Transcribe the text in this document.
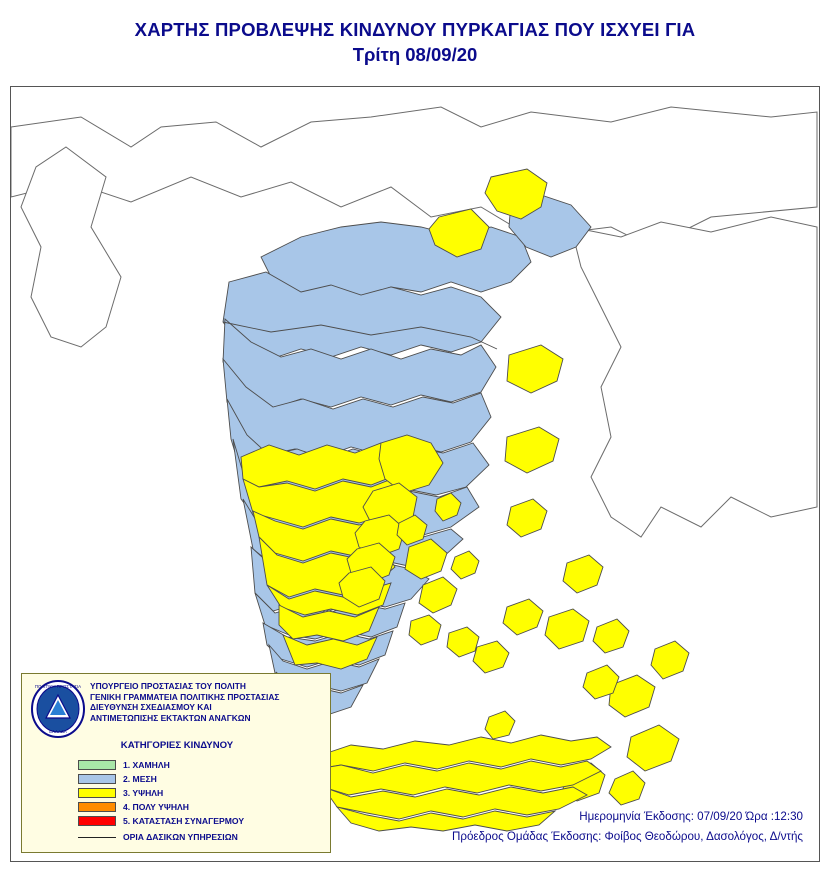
ΧΑΡΤΗΣ ΠΡΟΒΛΕΨΗΣ ΚΙΝΔΥΝΟΥ ΠΥΡΚΑΓΙΑΣ ΠΟΥ ΙΣΧΥΕΙ ΓΙΑ
Τρίτη 08/09/20
ΠΟΛΙΤΙΚΗ ΠΡΟΣΤΑΣΙΑ
ΕΛΛΑΔΑ
ΥΠΟΥΡΓΕΙΟ ΠΡΟΣΤΑΣΙΑΣ ΤΟΥ ΠΟΛΙΤΗ
ΓΕΝΙΚΗ ΓΡΑΜΜΑΤΕΙΑ ΠΟΛΙΤΙΚΗΣ ΠΡΟΣΤΑΣΙΑΣ
ΔΙΕΥΘΥΝΣΗ ΣΧΕΔΙΑΣΜΟΥ ΚΑΙ
ΑΝΤΙΜΕΤΩΠΙΣΗΣ ΕΚΤΑΚΤΩΝ ΑΝΑΓΚΩΝ
ΚΑΤΗΓΟΡΙΕΣ ΚΙΝΔΥΝΟΥ
1. ΧΑΜΗΛΗ
2. ΜΕΣΗ
3. ΥΨΗΛΗ
4. ΠΟΛΥ ΥΨΗΛΗ
5. ΚΑΤΑΣΤΑΣΗ ΣΥΝΑΓΕΡΜΟΥ
ΟΡΙΑ ΔΑΣΙΚΩΝ ΥΠΗΡΕΣΙΩΝ
Ημερομηνία Έκδοσης: 07/09/20 Ώρα :12:30
Πρόεδρος Ομάδας Έκδοσης: Φοίβος Θεοδώρου, Δασολόγος, Δ/ντής
